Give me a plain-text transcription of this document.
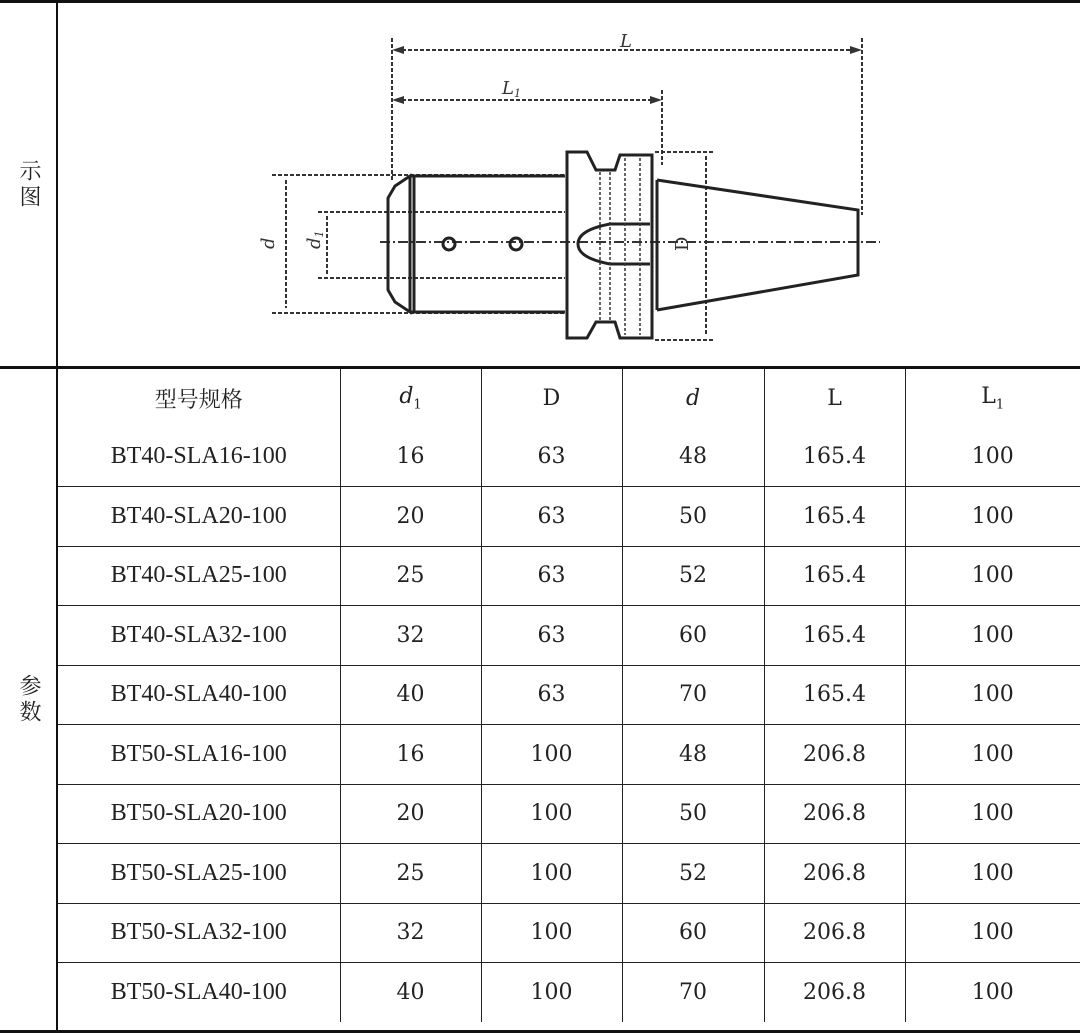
示图
参数
L
L1
d d1
D
型号规格	$d_1$	D	d	L	$L_1$
BT40-SLA16-100	16	63	48	165.4	100
BT40-SLA20-100	20	63	50	165.4	100
BT40-SLA25-100	25	63	52	165.4	100
BT40-SLA32-100	32	63	60	165.4	100
BT40-SLA40-100	40	63	70	165.4	100
BT50-SLA16-100	16	100	48	206.8	100
BT50-SLA20-100	20	100	50	206.8	100
BT50-SLA25-100	25	100	52	206.8	100
BT50-SLA32-100	32	100	60	206.8	100
BT50-SLA40-100	40	100	70	206.8	100
